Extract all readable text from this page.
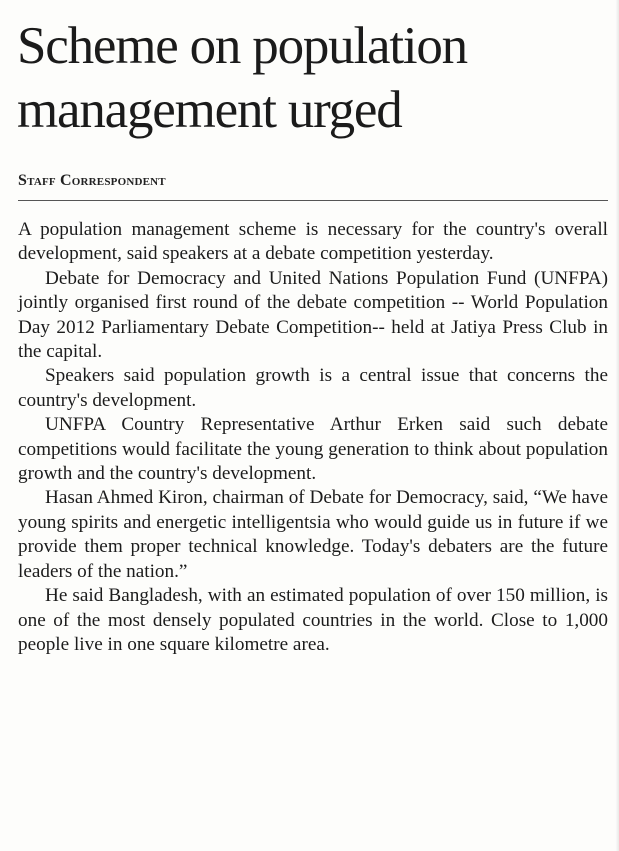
Scheme on population
management urged
Staff Correspondent

A population management scheme is necessary for the country's overall development, said speakers at a debate competition yesterday.

Debate for Democracy and United Nations Population Fund (UNFPA) jointly organised first round of the debate competition -- World Population Day 2012 Parliamentary Debate Competition-- held at Jatiya Press Club in the capital.

Speakers said population growth is a central issue that concerns the country's development.

UNFPA Country Representative Arthur Erken said such debate competitions would facilitate the young generation to think about population growth and the country's development.

Hasan Ahmed Kiron, chairman of Debate for Democracy, said, “We have young spirits and energetic intelligentsia who would guide us in future if we provide them proper technical knowledge. Today's debaters are the future leaders of the nation.”

He said Bangladesh, with an estimated population of over 150 million, is one of the most densely populated countries in the world. Close to 1,000 people live in one square kilometre area.
